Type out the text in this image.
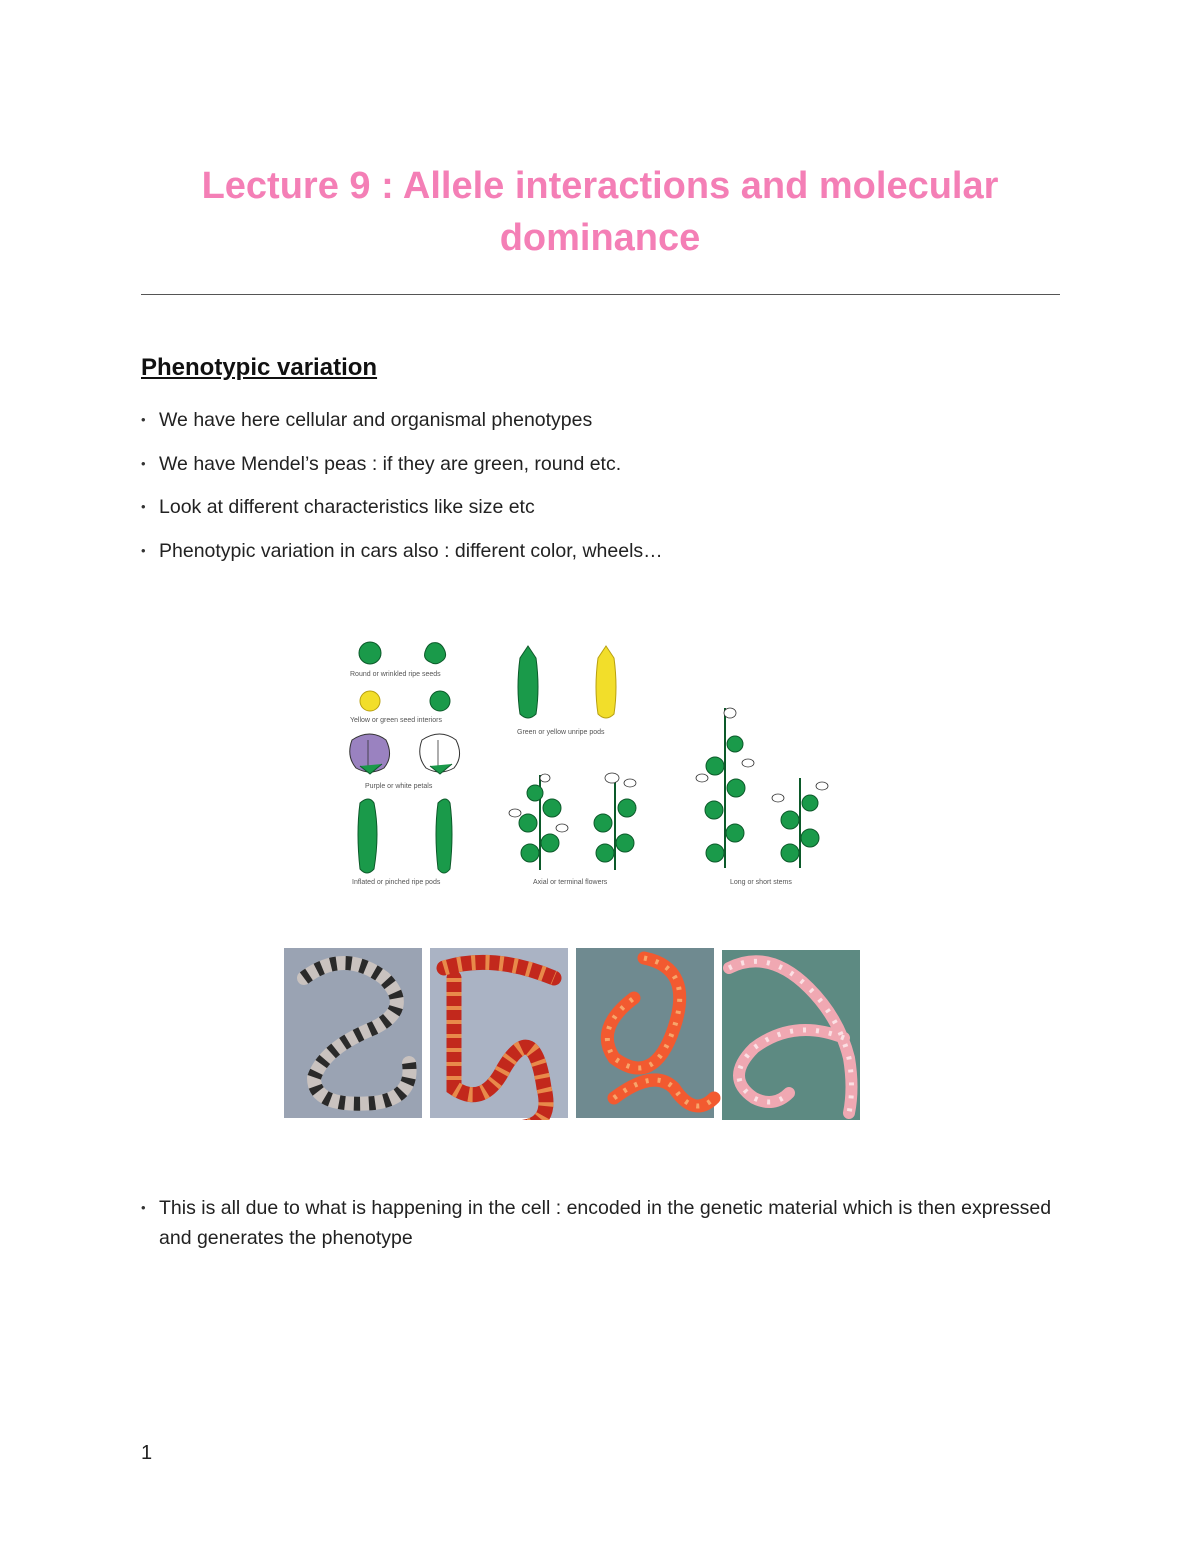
Lecture 9 : Allele interactions and molecular dominance
Phenotypic variation
• We have here cellular and organismal phenotypes
• We have Mendel’s peas : if they are green, round etc.
• Look at different characteristics like size etc
• Phenotypic variation in cars also : different color, wheels…
Round or wrinkled ripe seeds
Yellow or green seed interiors
Purple or white petals
Inflated or pinched ripe pods
Green or yellow unripe pods
Axial or terminal flowers	Long or short stems
• This is all due to what is happening in the cell : encoded in the genetic material which is then expressed and generates the phenotype
1
